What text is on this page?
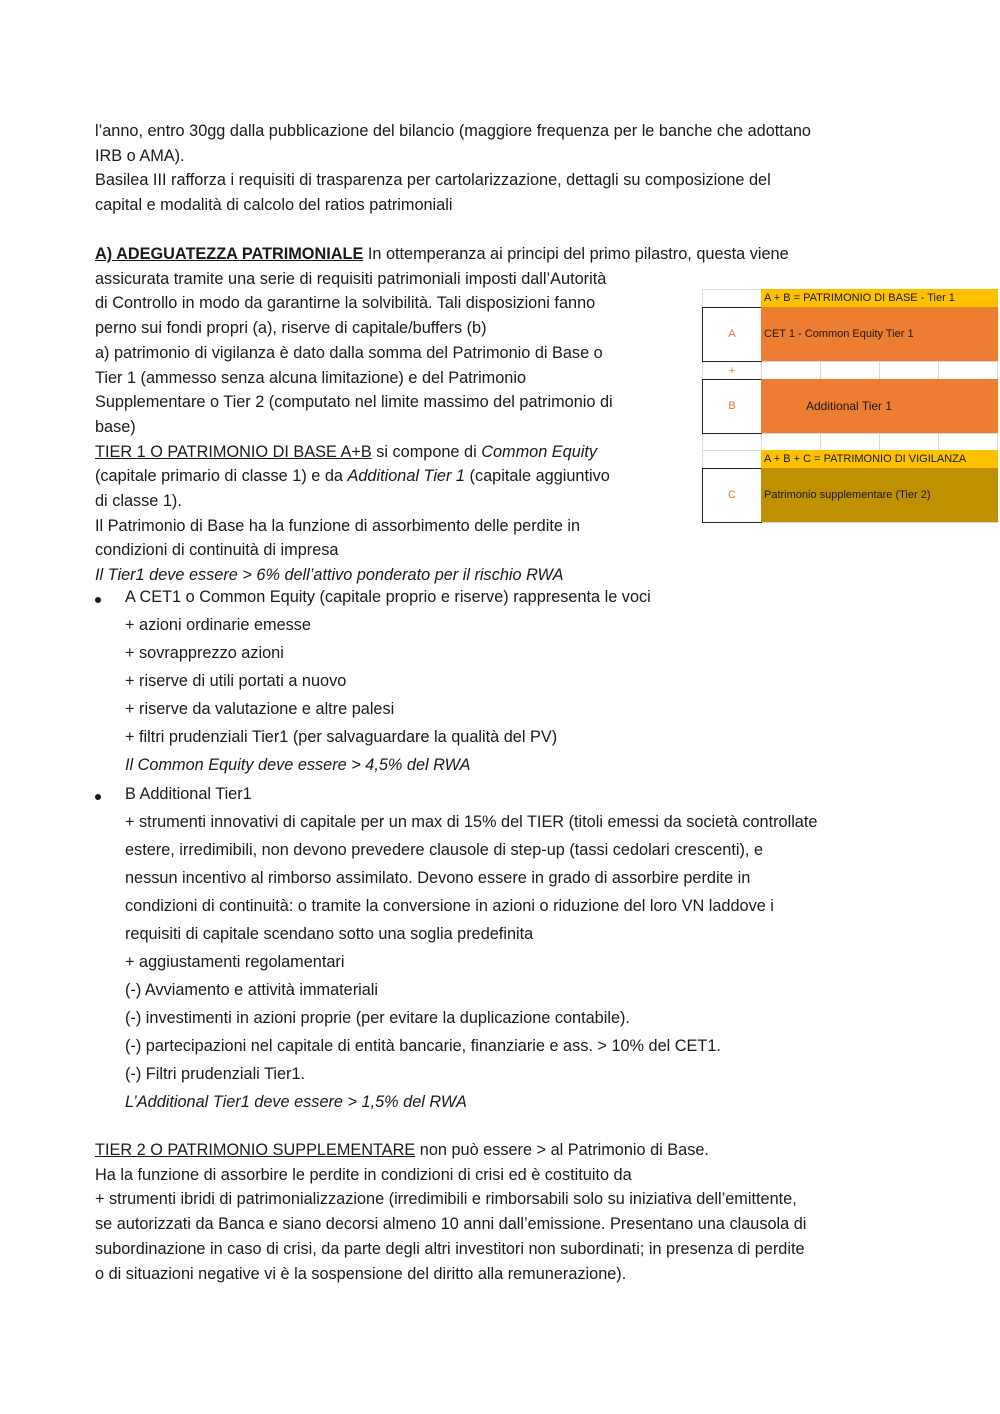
l’anno, entro 30gg dalla pubblicazione del bilancio (maggiore frequenza per le banche che adottano
IRB o AMA).
Basilea III rafforza i requisiti di trasparenza per cartolarizzazione, dettagli su composizione del
capital e modalità di calcolo del ratios patrimoniali

A) ADEGUATEZZA PATRIMONIALE In ottemperanza ai principi del primo pilastro, questa viene
assicurata tramite una serie di requisiti patrimoniali imposti dall’Autorità
di Controllo in modo da garantirne la solvibilità. Tali disposizioni fanno
perno sui fondi propri (a), riserve di capitale/buffers (b)
a) patrimonio di vigilanza è dato dalla somma del Patrimonio di Base o
Tier 1 (ammesso senza alcuna limitazione) e del Patrimonio
Supplementare o Tier 2 (computato nel limite massimo del patrimonio di
base)
TIER 1 O PATRIMONIO DI BASE A+B si compone di Common Equity
(capitale primario di classe 1) e da Additional Tier 1 (capitale aggiuntivo
di classe 1).
Il Patrimonio di Base ha la funzione di assorbimento delle perdite in
condizioni di continuità di impresa
Il Tier1 deve essere > 6% dell’attivo ponderato per il rischio RWA

A + B = PATRIMONIO DI BASE - Tier 1
A	CET 1 - Common Equity Tier 1
+
B	Additional Tier 1
A + B + C = PATRIMONIO DI VIGILANZA
C	Patrimonio supplementare (Tier 2)
A CET1 o Common Equity (capitale proprio e riserve) rappresenta le voci
+ azioni ordinarie emesse
+ sovrapprezzo azioni
+ riserve di utili portati a nuovo
+ riserve da valutazione e altre palesi
+ filtri prudenziali Tier1 (per salvaguardare la qualità del PV)
Il Common Equity deve essere > 4,5% del RWA
B Additional Tier1
+ strumenti innovativi di capitale per un max di 15% del TIER (titoli emessi da società controllate
estere, irredimibili, non devono prevedere clausole di step-up (tassi cedolari crescenti), e
nessun incentivo al rimborso assimilato. Devono essere in grado di assorbire perdite in
condizioni di continuità: o tramite la conversione in azioni o riduzione del loro VN laddove i
requisiti di capitale scendano sotto una soglia predefinita
+ aggiustamenti regolamentari
(-) Avviamento e attività immateriali
(-) investimenti in azioni proprie (per evitare la duplicazione contabile).
(-) partecipazioni nel capitale di entità bancarie, finanziarie e ass. > 10% del CET1.
(-) Filtri prudenziali Tier1.
L’Additional Tier1 deve essere > 1,5% del RWA

TIER 2 O PATRIMONIO SUPPLEMENTARE non può essere > al Patrimonio di Base.
Ha la funzione di assorbire le perdite in condizioni di crisi ed è costituito da
+ strumenti ibridi di patrimonializzazione (irredimibili e rimborsabili solo su iniziativa dell’emittente,
se autorizzati da Banca e siano decorsi almeno 10 anni dall’emissione. Presentano una clausola di
subordinazione in caso di crisi, da parte degli altri investitori non subordinati; in presenza di perdite
o di situazioni negative vi è la sospensione del diritto alla remunerazione).
